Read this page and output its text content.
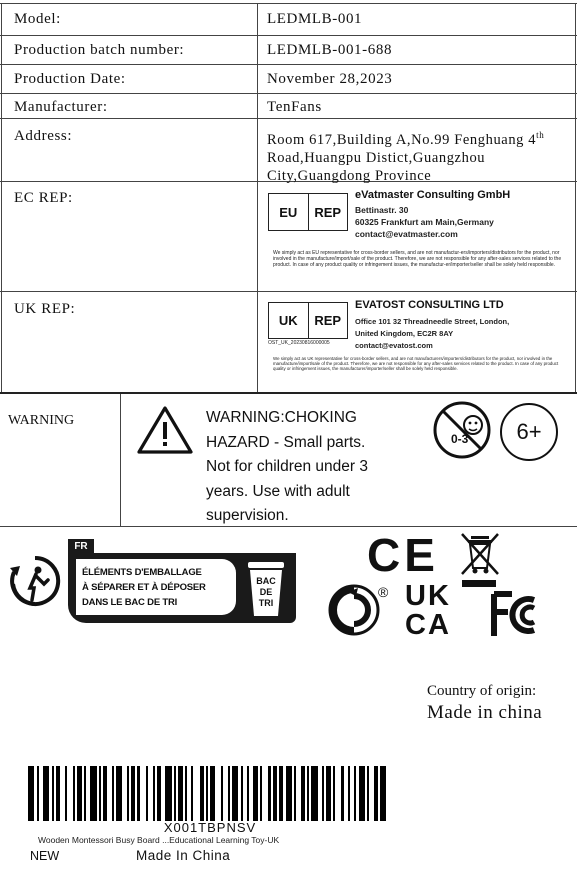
Model:	LEDMLB-001
Production batch number:	LEDMLB-001-688
Production Date:	November 28,2023
Manufacturer:	TenFans
Address:	Room 617,Building A,No.99 Fenghuang 4th
Road,Huangpu Distict,Guangzhou
City,Guangdong Province
EC REP:
EU	REP
eVatmaster Consulting GmbH
Bettinastr. 30
60325 Frankfurt am Main,Germany
contact@evatmaster.com
We simply act as EU representative for cross-border sellers, and are not manufactur-ers/importers/distributors for the product, nor involved in the manufacture/import/sale of the product. Therefore, we are not responsible for any after-sales services related to the product. In case of any product quality or infringement issues, the manufactur-er/importer/seller shall be solely held responsible.
UK REP:
UK	REP
OST_UK_20230816000005
EVATOST CONSULTING LTD
Office 101 32 Threadneedle Street, London,
United Kingdom, EC2R 8AY
contact@evatost.com
We simply act as UK representative for cross-border sellers, and are not manufacturers/importers/distributors for the product, nor involved in the manufacture/import/sale of the product. Therefore, we are not responsible for any after-sales services related to the product. In case of any product quality or infringement issues, the manufacturer/importer/seller shall be solely held responsible.
WARNING	WARNING:CHOKING
HAZARD - Small parts.
Not for children under 3
years. Use with adult
supervision.
0-3	6+
FR
ÉLÉMENTS D'EMBALLAGE
À SÉPARER ET À DÉPOSER
DANS LE BAC DE TRI
BAC
DE
TRI
CE
® UK
CA
Country of origin:
Made in china
X001TBPNSV
Wooden Montessori Busy Board ...Educational Learning Toy-UK
NEW	Made In China
